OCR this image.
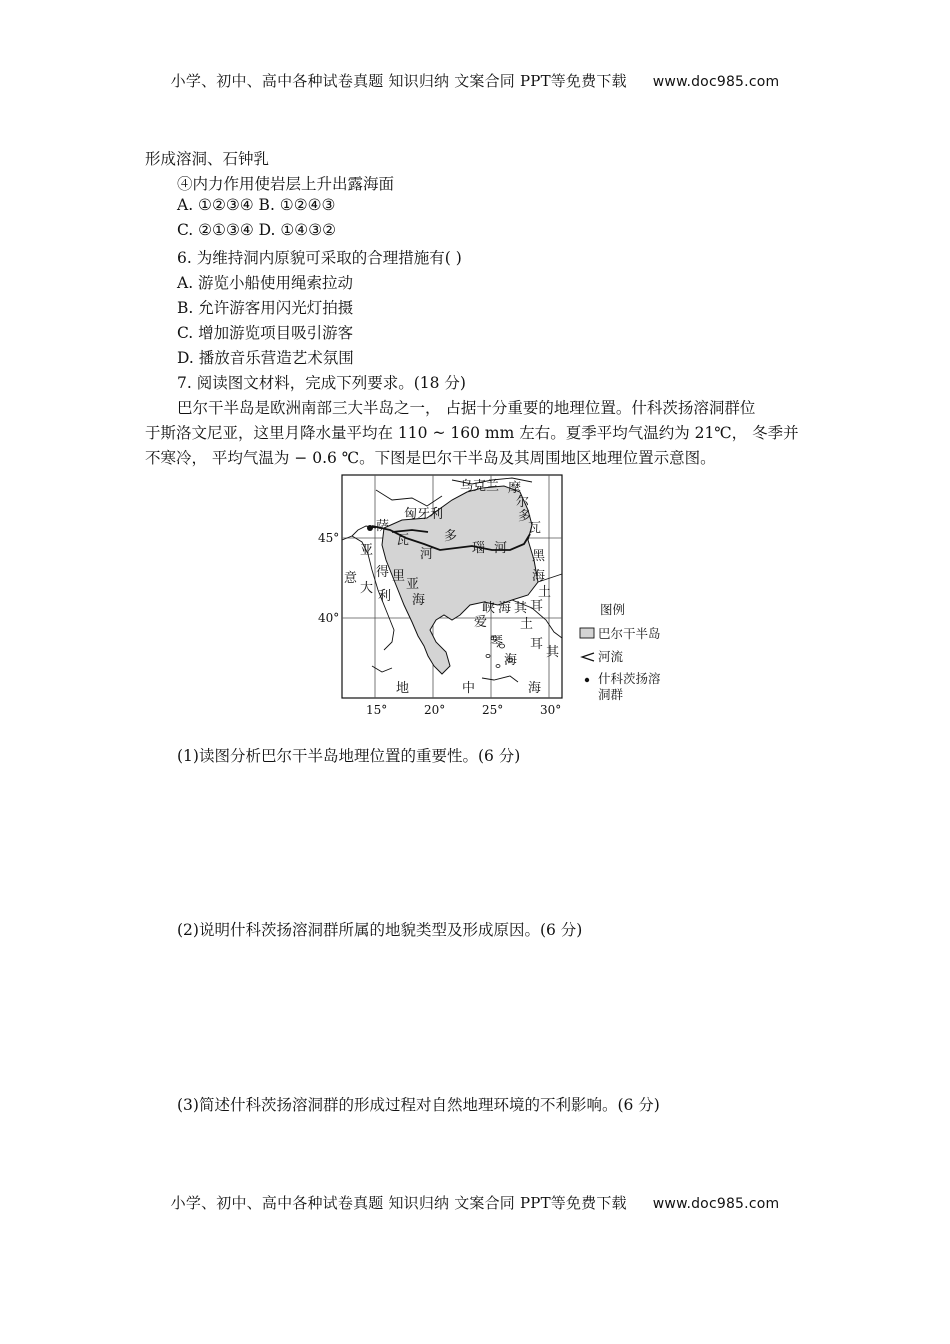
小学、初中、高中各种试卷真题 知识归纳 文案合同 PPT等免费下载 www.doc985.com
形成溶洞、石钟乳
④内力作用使岩层上升出露海面
A. ①②③④ B. ①②④③
C. ②①③④ D. ①④③②
6. 为维持洞内原貌可采取的合理措施有( )
A. 游览小船使用绳索拉动
B. 允许游客用闪光灯拍摄
C. 增加游览项目吸引游客
D. 播放音乐营造艺术氛围
7. 阅读图文材料，完成下列要求。(18 分)
巴尔干半岛是欧洲南部三大半岛之一， 占据十分重要的地理位置。什科茨扬溶洞群位
于斯洛文尼亚，这里月降水量平均在 110 ~ 160 mm 左右。夏季平均气温约为 21℃， 冬季并
不寒冷， 平均气温为 − 0.6 ℃。下图是巴尔干半岛及其周围地区地理位置示意图。
乌克兰 摩
尔
多
瓦
匈牙利
萨
瓦
河
多
瑙 河
亚
得 里
亚
海
意
大
利
黑
海
土
峡 海 其 耳
爱
琴
海
土
耳
其
地	中	海
45°
40°
15°	20°	25°	30°
图例
巴尔干半岛
河流
什科茨扬溶
洞群
(1)读图分析巴尔干半岛地理位置的重要性。(6 分)
(2)说明什科茨扬溶洞群所属的地貌类型及形成原因。(6 分)
(3)简述什科茨扬溶洞群的形成过程对自然地理环境的不利影响。(6 分)
小学、初中、高中各种试卷真题 知识归纳 文案合同 PPT等免费下载 www.doc985.com
